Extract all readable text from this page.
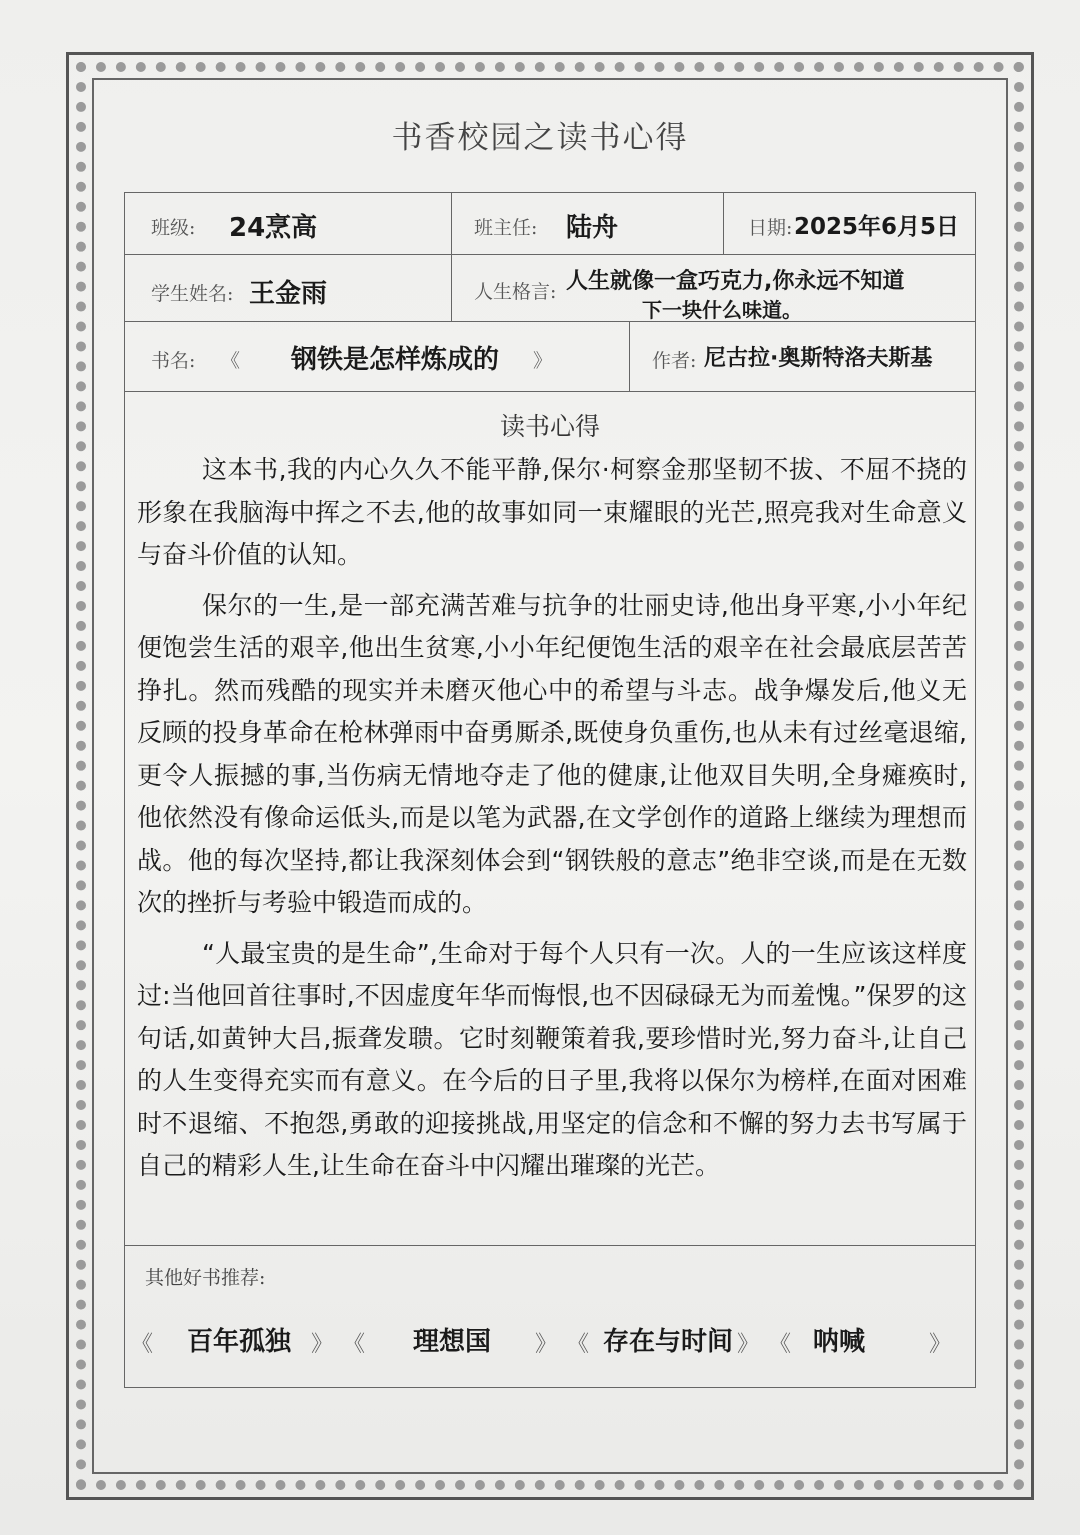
书香校园之读书心得
班级: 24烹高	班主任: 陆舟	日期: 2025年6月5日
学生姓名: 王金雨	人生格言: 人生就像一盒巧克力,你永远不知道
下一块什么味道。
书名: 《 钢铁是怎样炼成的 》	作者: 尼古拉·奥斯特洛夫斯基
读书心得

这本书,我的内心久久不能平静,保尔·柯察金那坚韧不拔、不屈不挠的形象在我脑海中挥之不去,他的故事如同一束耀眼的光芒,照亮我对生命意义与奋斗价值的认知。

保尔的一生,是一部充满苦难与抗争的壮丽史诗,他出身平寒,小小年纪便饱尝生活的艰辛,他出生贫寒,小小年纪便饱生活的艰辛在社会最底层苦苦挣扎。然而残酷的现实并未磨灭他心中的希望与斗志。战争爆发后,他义无反顾的投身革命在枪林弹雨中奋勇厮杀,既使身负重伤,也从未有过丝毫退缩,更令人振撼的事,当伤病无情地夺走了他的健康,让他双目失明,全身瘫痪时,他依然没有像命运低头,而是以笔为武器,在文学创作的道路上继续为理想而战。他的每次坚持,都让我深刻体会到“钢铁般的意志”绝非空谈,而是在无数次的挫折与考验中锻造而成的。

“人最宝贵的是生命”,生命对于每个人只有一次。人的一生应该这样度过:当他回首往事时,不因虚度年华而悔恨,也不因碌碌无为而羞愧。”保罗的这句话,如黄钟大吕,振聋发聩。它时刻鞭策着我,要珍惜时光,努力奋斗,让自己的人生变得充实而有意义。在今后的日子里,我将以保尔为榜样,在面对困难时不退缩、不抱怨,勇敢的迎接挑战,用坚定的信念和不懈的努力去书写属于自己的精彩人生,让生命在奋斗中闪耀出璀璨的光芒。

其他好书推荐:
《 百年孤独 》 《 理想国 》 《 存在与时间 》 《 呐喊	》
